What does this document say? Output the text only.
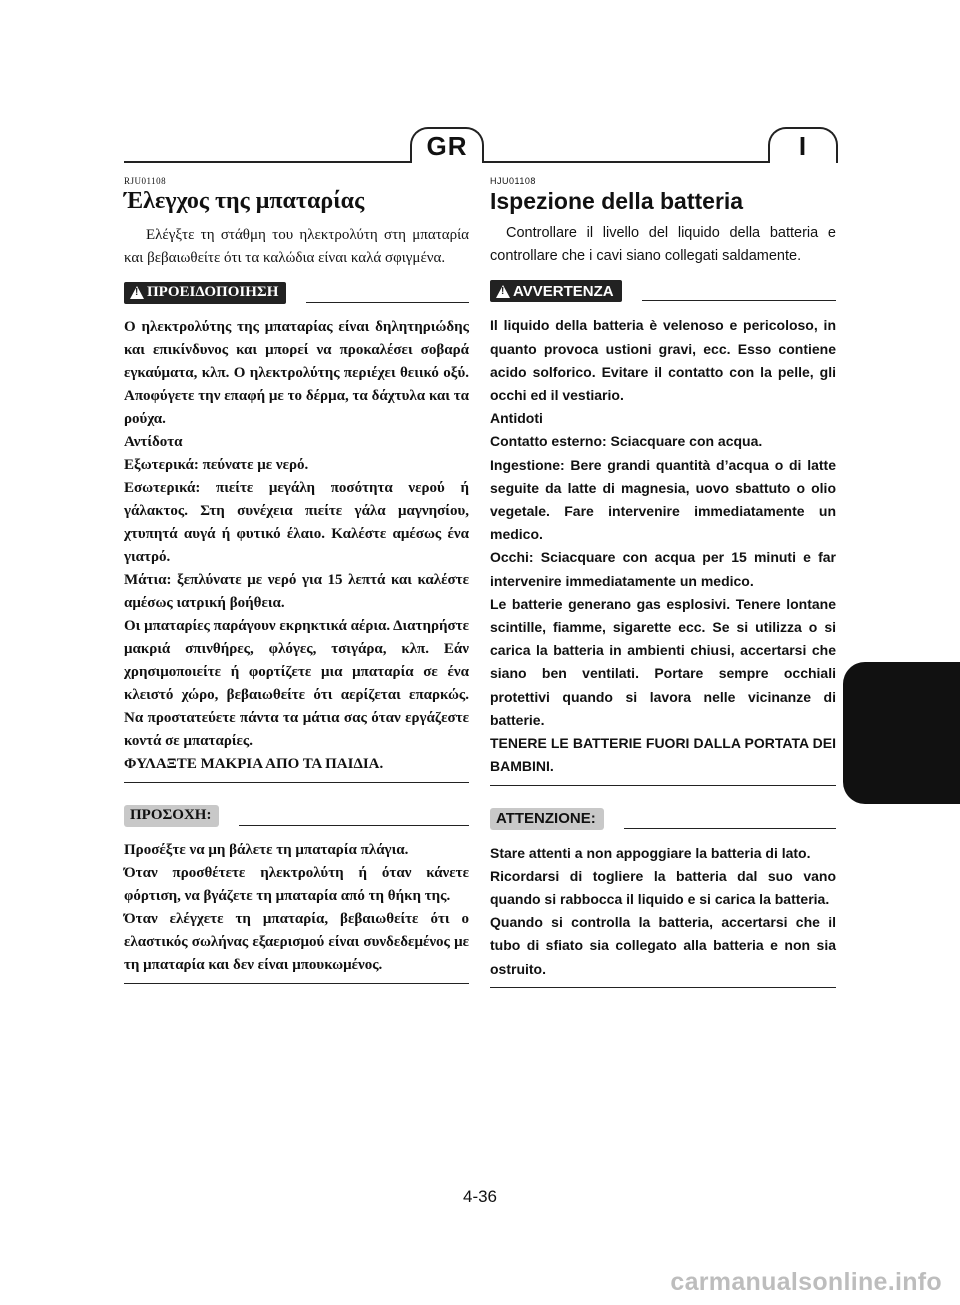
GR	I
RJU01108
Έλεγχος της μπαταρίας

Ελέγξτε τη στάθμη του ηλεκτρολύτη στη μπαταρία και βεβαιωθείτε ότι τα καλώδια είναι καλά σφιγμένα.

!
ΠΡΟΕΙΔΟΠΟΙΗΣΗ

Ο ηλεκτρολύτης της μπαταρίας είναι δηλητηριώδης και επικίνδυνος και μπορεί να προκαλέσει σοβαρά εγκαύματα, κλπ. Ο ηλεκτρολύτης περιέχει θειικό οξύ. Αποφύγετε την επαφή με το δέρμα, τα δάχτυλα και τα ρούχα.

Αντίδοτα

Εξωτερικά: πεύνατε με νερό.

Εσωτερικά: πιείτε μεγάλη ποσότητα νερού ή γάλακτος. Στη συνέχεια πιείτε γάλα μαγνησίου, χτυπητά αυγά ή φυτικό έλαιο. Καλέστε αμέσως ένα γιατρό.

Μάτια: ξεπλύνατε με νερό για 15 λεπτά και καλέστε αμέσως ιατρική βοήθεια.

Οι μπαταρίες παράγουν εκρηκτικά αέρια. Διατηρήστε μακριά σπινθήρες, φλόγες, τσιγάρα, κλπ. Εάν χρησιμοποιείτε ή φορτίζετε μια μπαταρία σε ένα κλειστό χώρο, βεβαιωθείτε ότι αερίζεται επαρκώς. Να προστατεύετε πάντα τα μάτια σας όταν εργάζεστε κοντά σε μπαταρίες.

ΦΥΛΑΞΤΕ ΜΑΚΡΙΑ ΑΠΟ ΤΑ ΠΑΙΔΙΑ.

ΠΡΟΣΟΧΗ:

Προσέξτε να μη βάλετε τη μπαταρία πλάγια.

Όταν προσθέτετε ηλεκτρολύτη ή όταν κάνετε φόρτιση, να βγάζετε τη μπαταρία από τη θήκη της.

Όταν ελέγχετε τη μπαταρία, βεβαιωθείτε ότι ο ελαστικός σωλήνας εξαερισμού είναι συνδεδεμένος με τη μπαταρία και δεν είναι μπουκωμένος.

HJU01108
Ispezione della batteria

Controllare il livello del liquido della batteria e controllare che i cavi siano collegati saldamente.

!
AVVERTENZA

Il liquido della batteria è velenoso e pericoloso, in quanto provoca ustioni gravi, ecc. Esso contiene acido solforico. Evitare il contatto con la pelle, gli occhi ed il vestiario.

Antidoti

Contatto esterno: Sciacquare con acqua.

Ingestione: Bere grandi quantità d’acqua o di latte seguite da latte di magnesia, uovo sbattuto o olio vegetale. Fare intervenire immediatamente un medico.

Occhi: Sciacquare con acqua per 15 minuti e far intervenire immediatamente un medico.

Le batterie generano gas esplosivi. Tenere lontane scintille, fiamme, sigarette ecc. Se si utilizza o si carica la batteria in ambienti chiusi, accertarsi che siano ben ventilati. Portare sempre occhiali protettivi quando si lavora nelle vicinanze di batterie.

TENERE LE BATTERIE FUORI DALLA PORTATA DEI BAMBINI.

ATTENZIONE:

Stare attenti a non appoggiare la batteria di lato.

Ricordarsi di togliere la batteria dal suo vano quando si rabbocca il liquido e si carica la batteria.

Quando si controlla la batteria, accertarsi che il tubo di sfiato sia collegato alla batteria e non sia ostruito.

4-36
carmanualsonline.info
